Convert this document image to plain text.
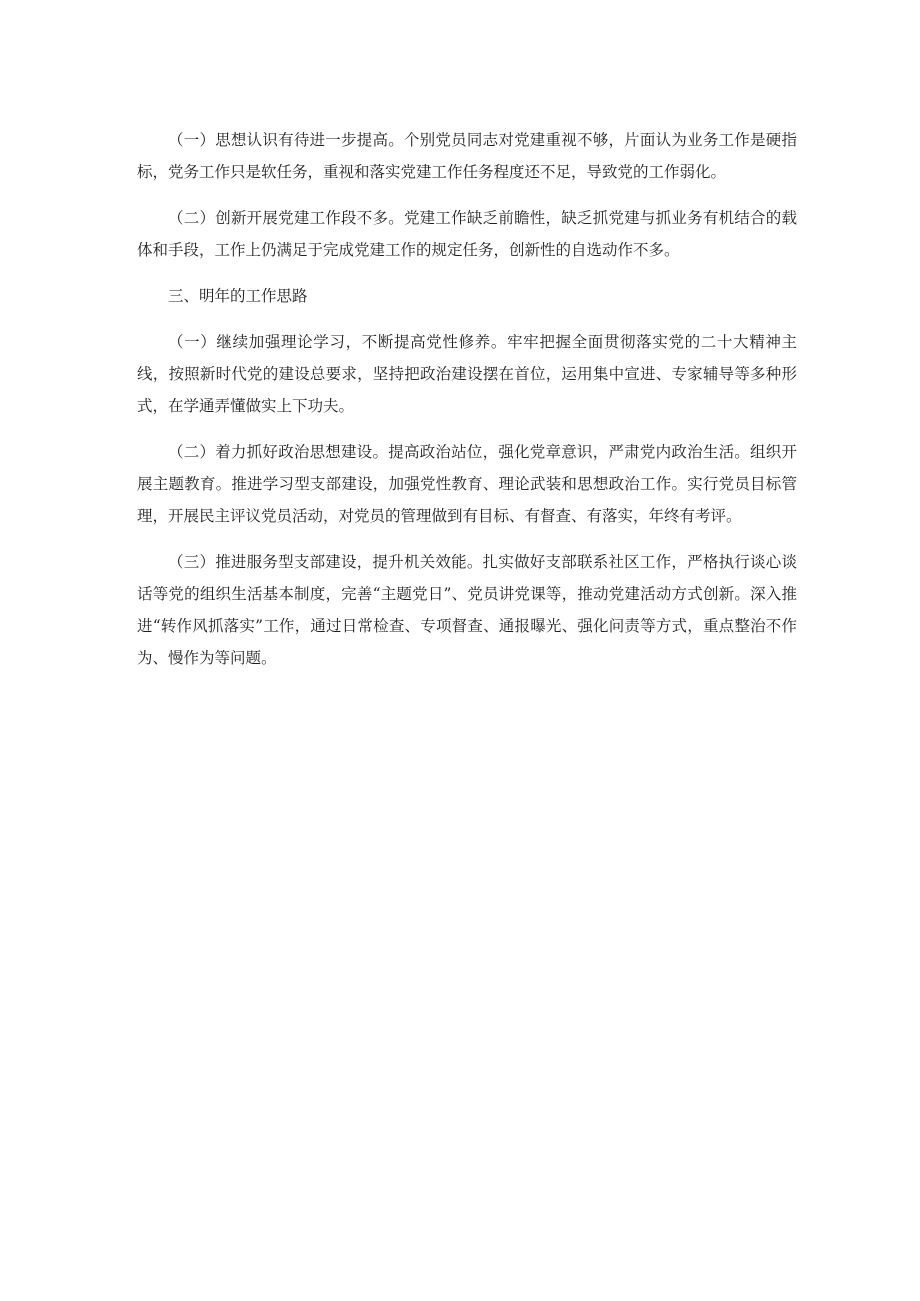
（一）思想认识有待进一步提高。个别党员同志对党建重视不够，片面认为业务工作是硬指标，党务工作只是软任务，重视和落实党建工作任务程度还不足，导致党的工作弱化。

（二）创新开展党建工作段不多。党建工作缺乏前瞻性，缺乏抓党建与抓业务有机结合的载体和手段，工作上仍满足于完成党建工作的规定任务，创新性的自选动作不多。

三、明年的工作思路

（一）继续加强理论学习，不断提高党性修养。牢牢把握全面贯彻落实党的二十大精神主线，按照新时代党的建设总要求，坚持把政治建设摆在首位，运用集中宣进、专家辅导等多种形式，在学通弄懂做实上下功夫。

（二）着力抓好政治思想建设。提高政治站位，强化党章意识，严肃党内政治生活。组织开展主题教育。推进学习型支部建设，加强党性教育、理论武装和思想政治工作。实行党员目标管理，开展民主评议党员活动，对党员的管理做到有目标、有督查、有落实，年终有考评。

（三）推进服务型支部建设，提升机关效能。扎实做好支部联系社区工作，严格执行谈心谈话等党的组织生活基本制度，完善“主题党日”、党员讲党课等，推动党建活动方式创新。深入推进“转作风抓落实”工作，通过日常检查、专项督查、通报曝光、强化问责等方式，重点整治不作为、慢作为等问题。
